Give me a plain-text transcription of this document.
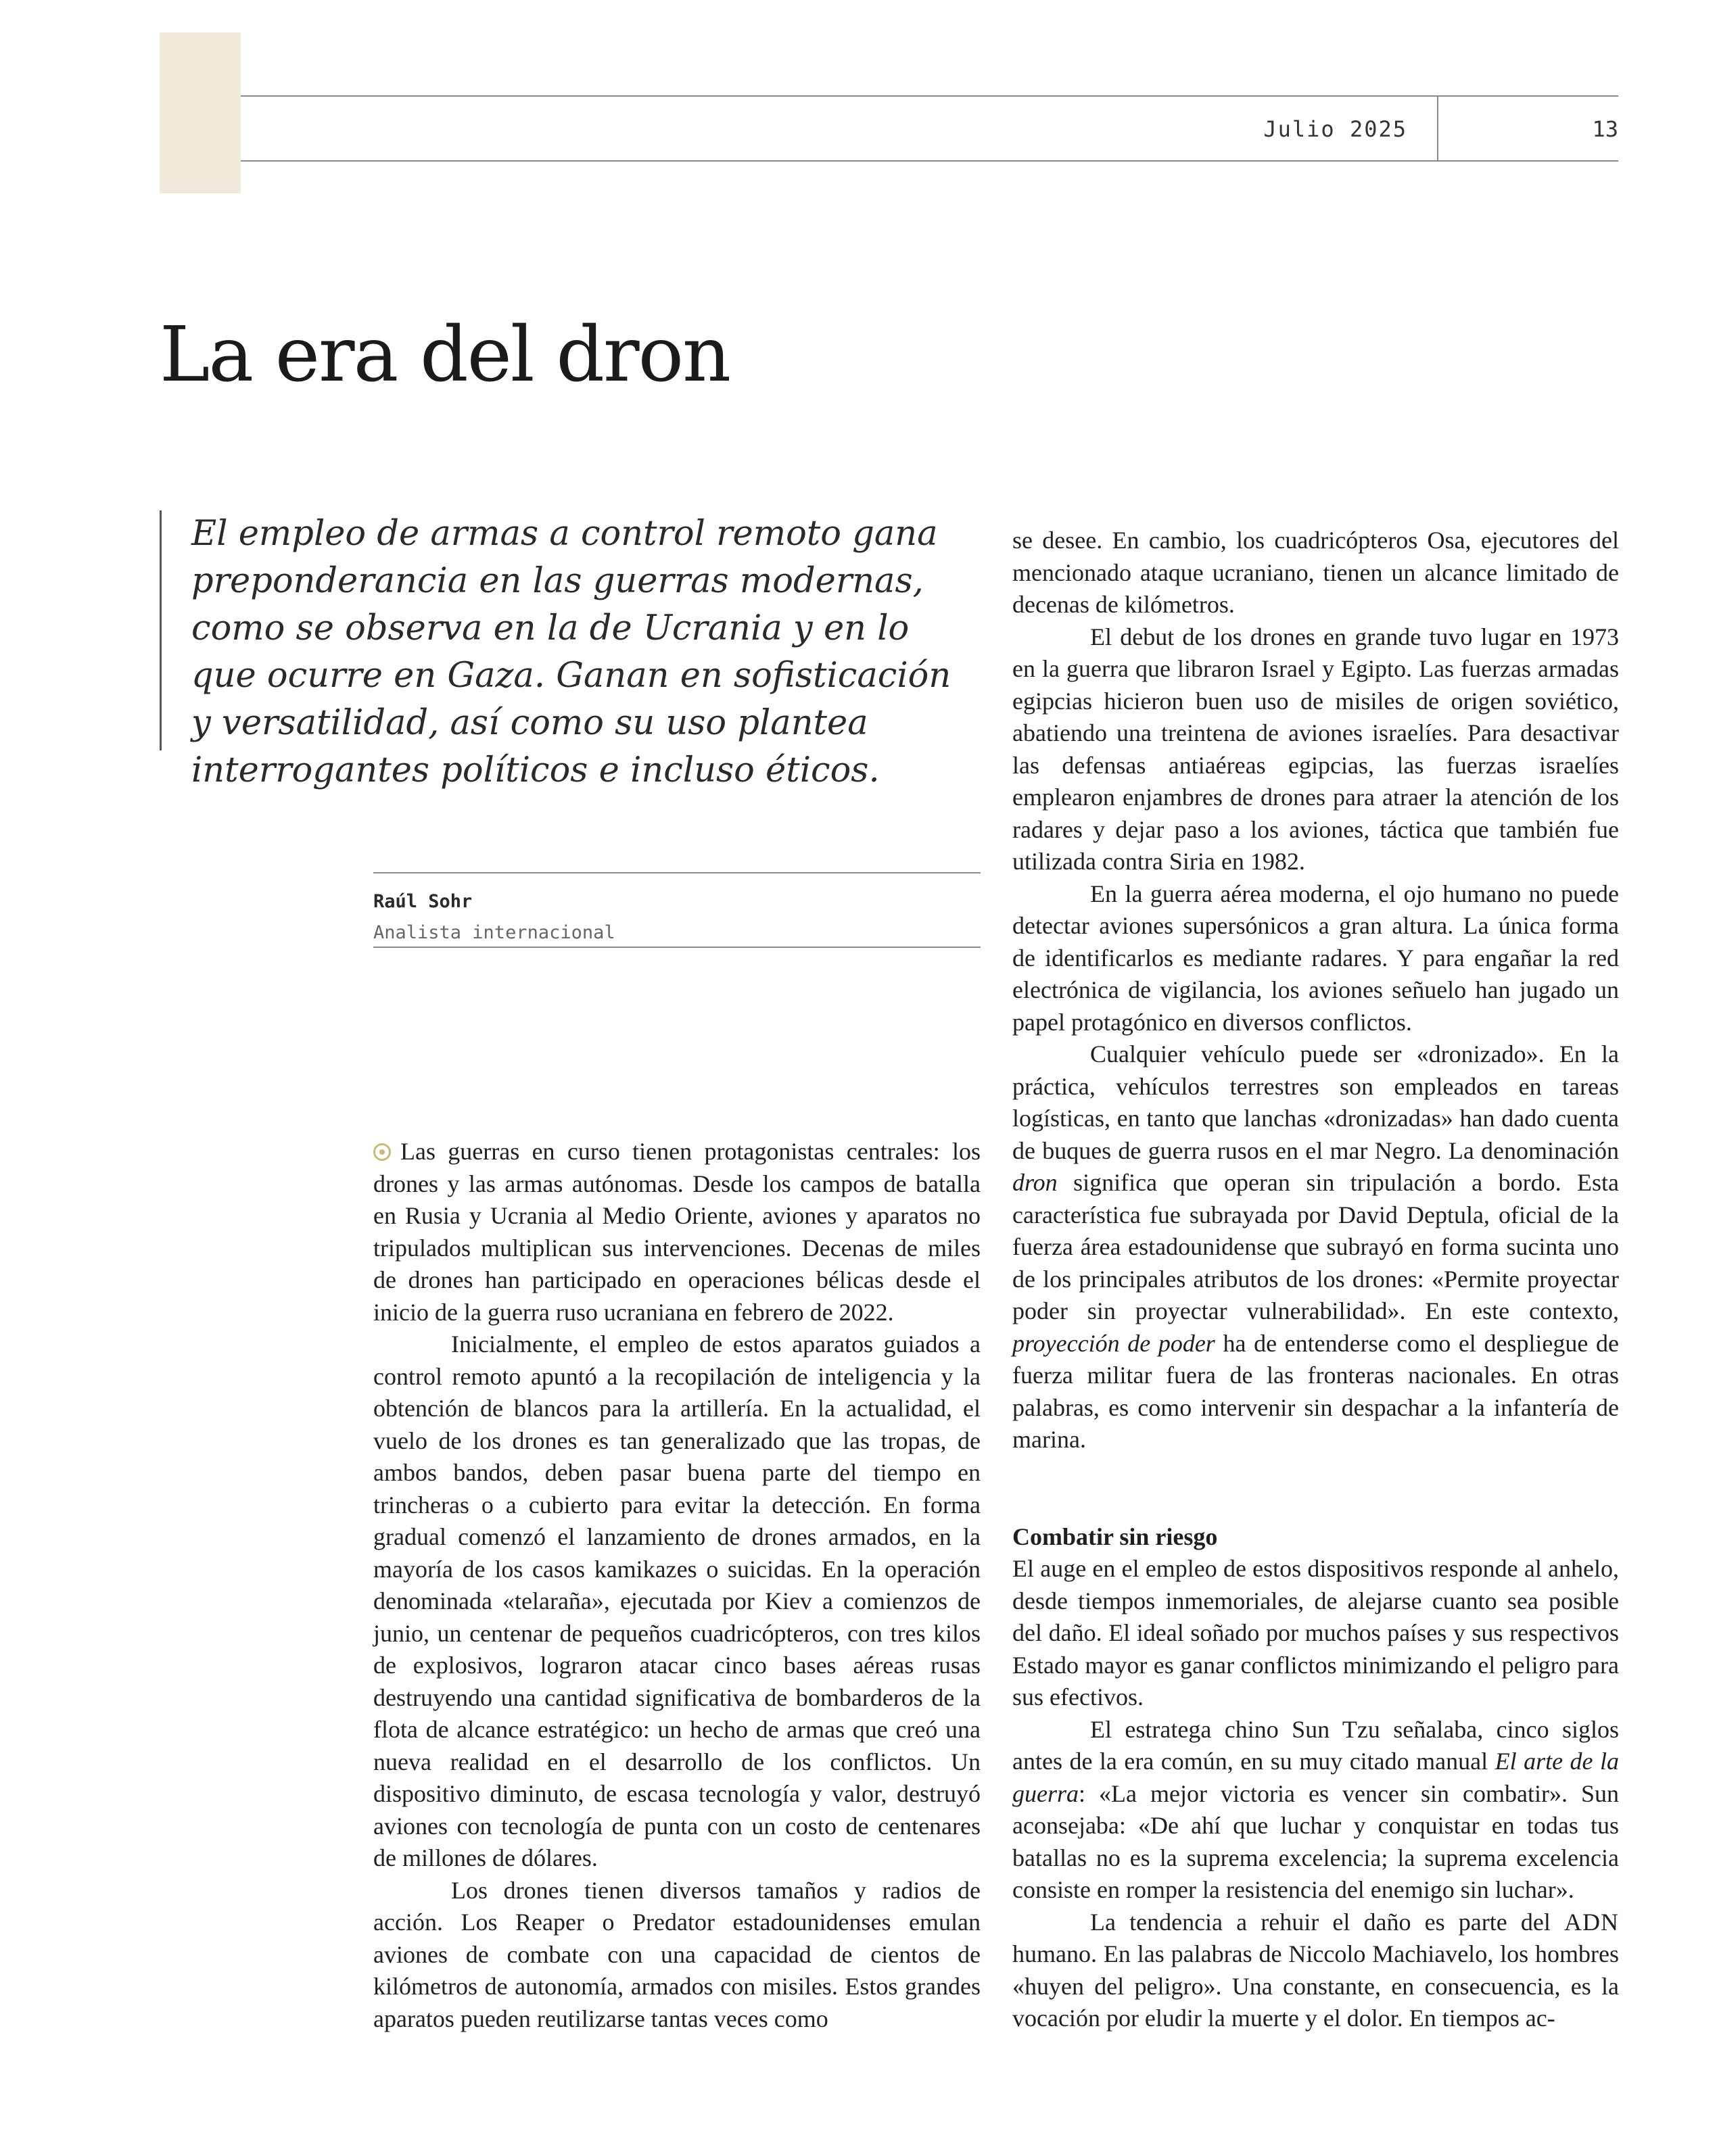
Julio 2025	13
La era del dron

El empleo de armas a control remoto gana preponderancia en las guerras modernas, como se observa en la de Ucrania y en lo que ocurre en Gaza. Ganan en sofisticación y versatilidad, así como su uso plantea interrogantes políticos e incluso éticos.

Raúl Sohr
Analista internacional

Las guerras en curso tienen protagonistas centrales: los drones y las armas autónomas. Desde los campos de batalla en Rusia y Ucrania al Medio Oriente, aviones y aparatos no tripulados multiplican sus intervenciones. Decenas de miles de drones han participado en operaciones bélicas desde el inicio de la guerra ruso ucraniana en febrero de 2022.

Inicialmente, el empleo de estos aparatos guiados a control remoto apuntó a la recopilación de inteligencia y la obtención de blancos para la artillería. En la actualidad, el vuelo de los drones es tan generalizado que las tropas, de ambos bandos, deben pasar buena parte del tiempo en trincheras o a cubierto para evitar la detección. En forma gradual comenzó el lanzamiento de drones armados, en la mayoría de los casos kamikazes o suicidas. En la operación denominada «telaraña», ejecutada por Kiev a comienzos de junio, un centenar de pequeños cuadricópteros, con tres kilos de explosivos, lograron atacar cinco bases aéreas rusas destruyendo una cantidad significativa de bombarderos de la flota de alcance estratégico: un hecho de armas que creó una nueva realidad en el desarrollo de los conflictos. Un dispositivo diminuto, de escasa tecnología y valor, destruyó aviones con tecnología de punta con un costo de centenares de millones de dólares.

Los drones tienen diversos tamaños y radios de acción. Los Reaper o Predator estadounidenses emulan aviones de combate con una capacidad de cientos de kilómetros de autonomía, armados con misiles. Estos grandes aparatos pueden reutilizarse tantas veces como

se desee. En cambio, los cuadricópteros Osa, ejecutores del mencionado ataque ucraniano, tienen un alcance limitado de decenas de kilómetros.

El debut de los drones en grande tuvo lugar en 1973 en la guerra que libraron Israel y Egipto. Las fuerzas armadas egipcias hicieron buen uso de misiles de origen soviético, abatiendo una treintena de aviones israelíes. Para desactivar las defensas antiaéreas egipcias, las fuerzas israelíes emplearon enjambres de drones para atraer la atención de los radares y dejar paso a los aviones, táctica que también fue utilizada contra Siria en 1982.

En la guerra aérea moderna, el ojo humano no puede detectar aviones supersónicos a gran altura. La única forma de identificarlos es mediante radares. Y para engañar la red electrónica de vigilancia, los aviones señuelo han jugado un papel protagónico en diversos conflictos.

Cualquier vehículo puede ser «dronizado». En la práctica, vehículos terrestres son empleados en tareas logísticas, en tanto que lanchas «dronizadas» han dado cuenta de buques de guerra rusos en el mar Negro. La denominación dron significa que operan sin tripulación a bordo. Esta característica fue subrayada por David Deptula, oficial de la fuerza área estadounidense que subrayó en forma sucinta uno de los principales atributos de los drones: «Permite proyectar poder sin proyectar vulnerabilidad». En este contexto, proyección de poder ha de entenderse como el despliegue de fuerza militar fuera de las fronteras nacionales. En otras palabras, es como intervenir sin despachar a la infantería de marina.

Combatir sin riesgo

El auge en el empleo de estos dispositivos responde al anhelo, desde tiempos inmemoriales, de alejarse cuanto sea posible del daño. El ideal soñado por muchos países y sus respectivos Estado mayor es ganar conflictos minimizando el peligro para sus efectivos.

El estratega chino Sun Tzu señalaba, cinco siglos antes de la era común, en su muy citado manual El arte de la guerra: «La mejor victoria es vencer sin combatir». Sun aconsejaba: «De ahí que luchar y conquistar en todas tus batallas no es la suprema excelencia; la suprema excelencia consiste en romper la resistencia del enemigo sin luchar».

La tendencia a rehuir el daño es parte del ADN humano. En las palabras de Niccolo Machiavelo, los hombres «huyen del peligro». Una constante, en consecuencia, es la vocación por eludir la muerte y el dolor. En tiempos ac-
